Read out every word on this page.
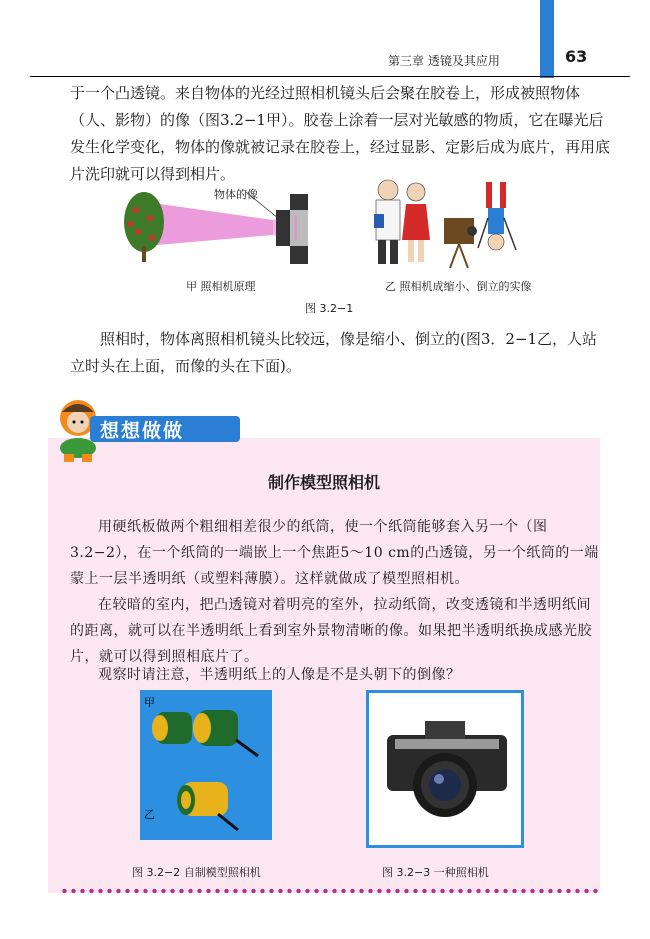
第三章 透镜及其应用	63
于一个凸透镜。来自物体的光经过照相机镜头后会聚在胶卷上，形成被照物体（人、影物）的像（图3.2−1甲）。胶卷上涂着一层对光敏感的物质，它在曝光后发生化学变化，物体的像就被记录在胶卷上，经过显影、定影后成为底片，再用底片洗印就可以得到相片。
物体的像
甲 照相机原理	乙 照相机成缩小、倒立的实像
图 3.2−1
照相时，物体离照相机镜头比较远，像是缩小、倒立的(图3．2−1乙，人站立时头在上面，而像的头在下面)。
想想做做
制作模型照相机
用硬纸板做两个粗细相差很少的纸筒，使一个纸筒能够套入另一个（图3.2−2），在一个纸筒的一端嵌上一个焦距5～10 cm的凸透镜，另一个纸筒的一端蒙上一层半透明纸（或塑料薄膜）。这样就做成了模型照相机。
在较暗的室内，把凸透镜对着明亮的室外，拉动纸筒，改变透镜和半透明纸间的距离，就可以在半透明纸上看到室外景物清晰的像。如果把半透明纸换成感光胶片，就可以得到照相底片了。
观察时请注意，半透明纸上的人像是不是头朝下的倒像？
甲
乙
图 3.2−2 自制模型照相机	图 3.2−3 一种照相机
